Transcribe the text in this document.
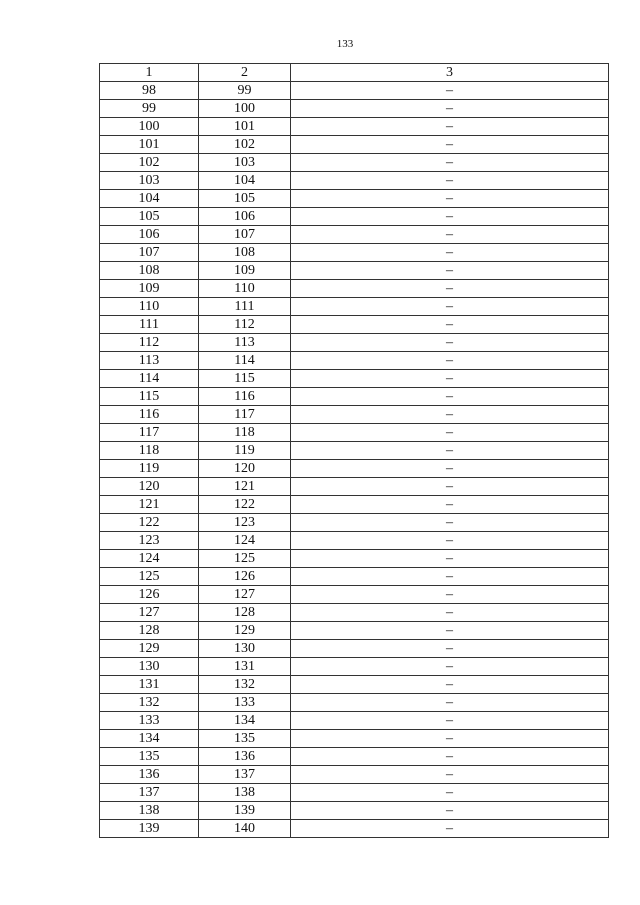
133
1	2	3
98	99	–
99	100	–
100	101	–
101	102	–
102	103	–
103	104	–
104	105	–
105	106	–
106	107	–
107	108	–
108	109	–
109	110	–
110	111	–
111	112	–
112	113	–
113	114	–
114	115	–
115	116	–
116	117	–
117	118	–
118	119	–
119	120	–
120	121	–
121	122	–
122	123	–
123	124	–
124	125	–
125	126	–
126	127	–
127	128	–
128	129	–
129	130	–
130	131	–
131	132	–
132	133	–
133	134	–
134	135	–
135	136	–
136	137	–
137	138	–
138	139	–
139	140	–
